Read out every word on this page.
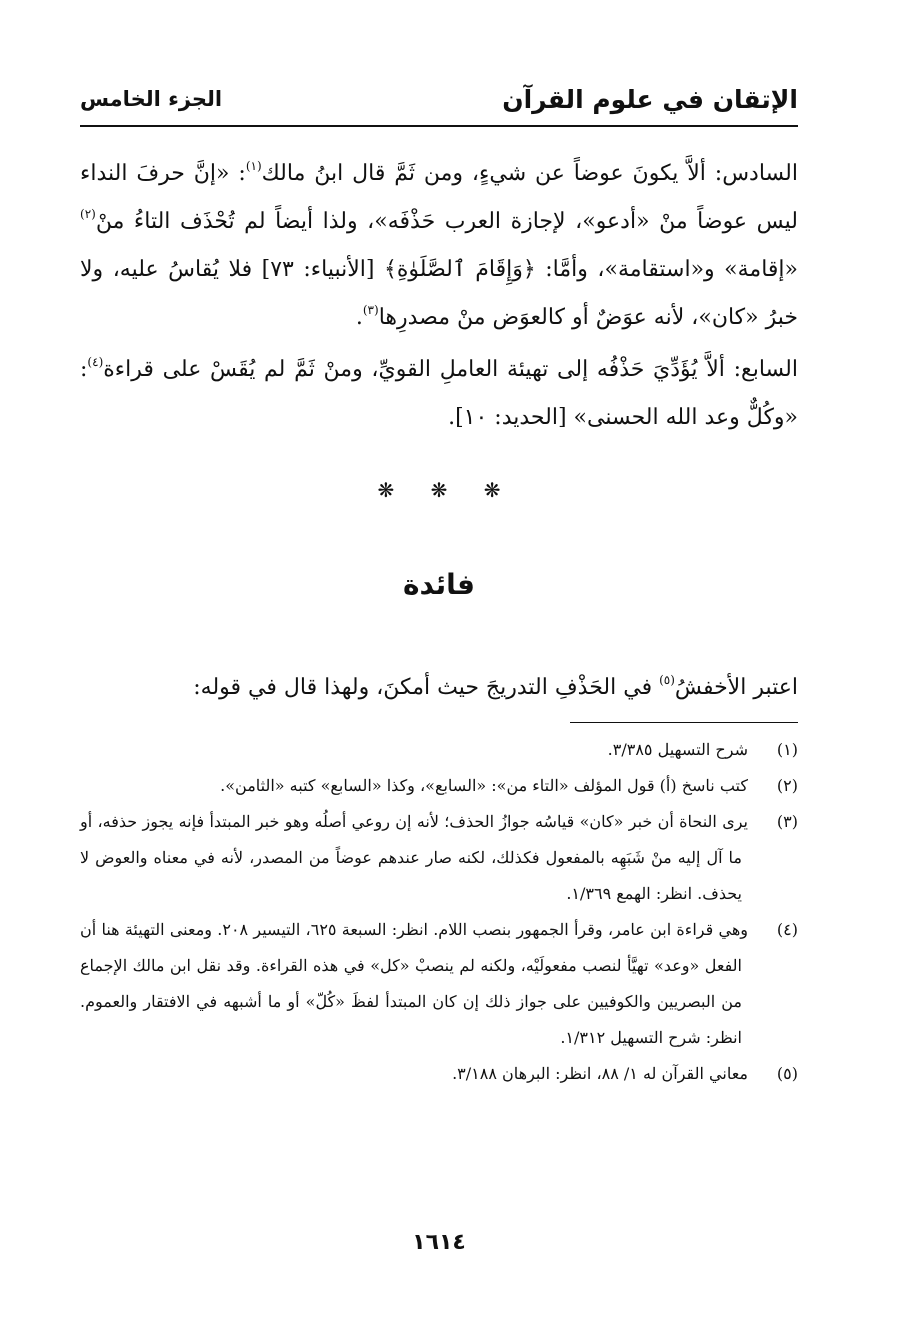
الإتقان في علوم القرآن
الجزء الخامس

السادس: ألاَّ يكونَ عوضاً عن شيءٍ، ومن ثَمَّ قال ابنُ مالك$^{(١)}$: «إنَّ حرفَ النداء ليس عوضاً منْ «أدعو»، لإجازة العرب حَذْفَه»، ولذا أيضاً لم تُحْذَف التاءُ منْ$^{(٢)}$ «إقامة» و«استقامة»، وأمَّا: ﴿وَإِقَامَ ٱلصَّلَوٰةِ﴾ [الأنبياء: ٧٣] فلا يُقاسُ عليه، ولا خبرُ «كان»، لأنه عوَضٌ أو كالعوَض منْ مصدرِها$^{(٣)}$.

السابع: ألاَّ يُؤَدِّيَ حَذْفُه إلى تهيئة العاملِ القويِّ، ومنْ ثَمَّ لم يُقَسْ على قراءة$^{(٤)}$: «وكُلٌّ وعد الله الحسنى» [الحديد: ١٠].

❋ ❋ ❋
فائدة

اعتبر الأخفشُ$^{(٥)}$ في الحَذْفِ التدريجَ حيث أمكنَ، ولهذا قال في قوله:

(١)شرح التسهيل ٣/٣٨٥.
(٢)كتب ناسخ (أ) قول المؤلف «التاء من»: «السابع»، وكذا «السابع» كتبه «الثامن».
(٣)يرى النحاة أن خبر «كان» قياسُه جوازُ الحذف؛ لأنه إن روعي أصلُه وهو خبر المبتدأ فإنه يجوز حذفه، أو ما آل إليه منْ شَبَهِه بالمفعول فكذلك، لكنه صار عندهم عوضاً من المصدر، لأنه في معناه والعوض لا يحذف. انظر: الهمع ١/٣٦٩.
(٤)وهي قراءة ابن عامر، وقرأ الجمهور بنصب اللام. انظر: السبعة ٦٢٥، التيسير ٢٠٨. ومعنى التهيئة هنا أن الفعل «وعد» تهيَّأ لنصب مفعولَيْه، ولكنه لم ينصبْ «كل» في هذه القراءة. وقد نقل ابن مالك الإجماع من البصريين والكوفيين على جواز ذلك إن كان المبتدأ لفظَ «كُلّ» أو ما أشبهه في الافتقار والعموم. انظر: شرح التسهيل ١/٣١٢.
(٥)معاني القرآن له ١/ ٨٨، انظر: البرهان ٣/١٨٨.
١٦١٤
